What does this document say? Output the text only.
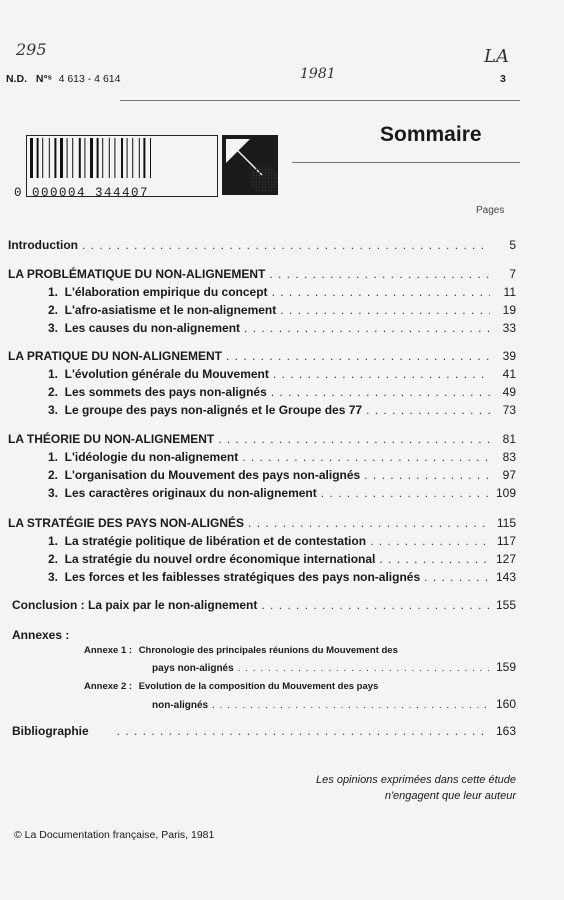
295
1981
LA
N.D. N°ˢ 4 613 - 4 614	3
0 000004 344407
Sommaire
Pages
Introduction . . .	5
LA PROBLÉMATIQUE DU NON-ALIGNEMENT . . .	7
1.  L'élaboration empirique du concept . . .	11
2.  L'afro-asiatisme et le non-alignement . . .	19
3.  Les causes du non-alignement . . .	33
LA PRATIQUE DU NON-ALIGNEMENT . . .	39
1.  L'évolution générale du Mouvement . . .	41
2.  Les sommets des pays non-alignés . . .	49
3.  Le groupe des pays non-alignés et le Groupe des 77 . . .	73
LA THÉORIE DU NON-ALIGNEMENT . . .	81
1.  L'idéologie du non-alignement . . .	83
2.  L'organisation du Mouvement des pays non-alignés . . .	97
3.  Les caractères originaux du non-alignement . . .	109
LA STRATÉGIE DES PAYS NON-ALIGNÉS . . .	115
1.  La stratégie politique de libération et de contestation . . .	117
2.  La stratégie du nouvel ordre économique international . . .	127
3.  Les forces et les faiblesses stratégiques des pays non-alignés . . .	143
Conclusion : La paix par le non-alignement . . .	155
Annexes :
Annexe 1 : Chronologie des principales réunions du Mouvement des
pays non-alignés . . .	159
Annexe 2 : Evolution de la composition du Mouvement des pays
non-alignés . . .	160
Bibliographie . . .	163
Les opinions exprimées dans cette étude
n'engagent que leur auteur
© La Documentation française, Paris, 1981
